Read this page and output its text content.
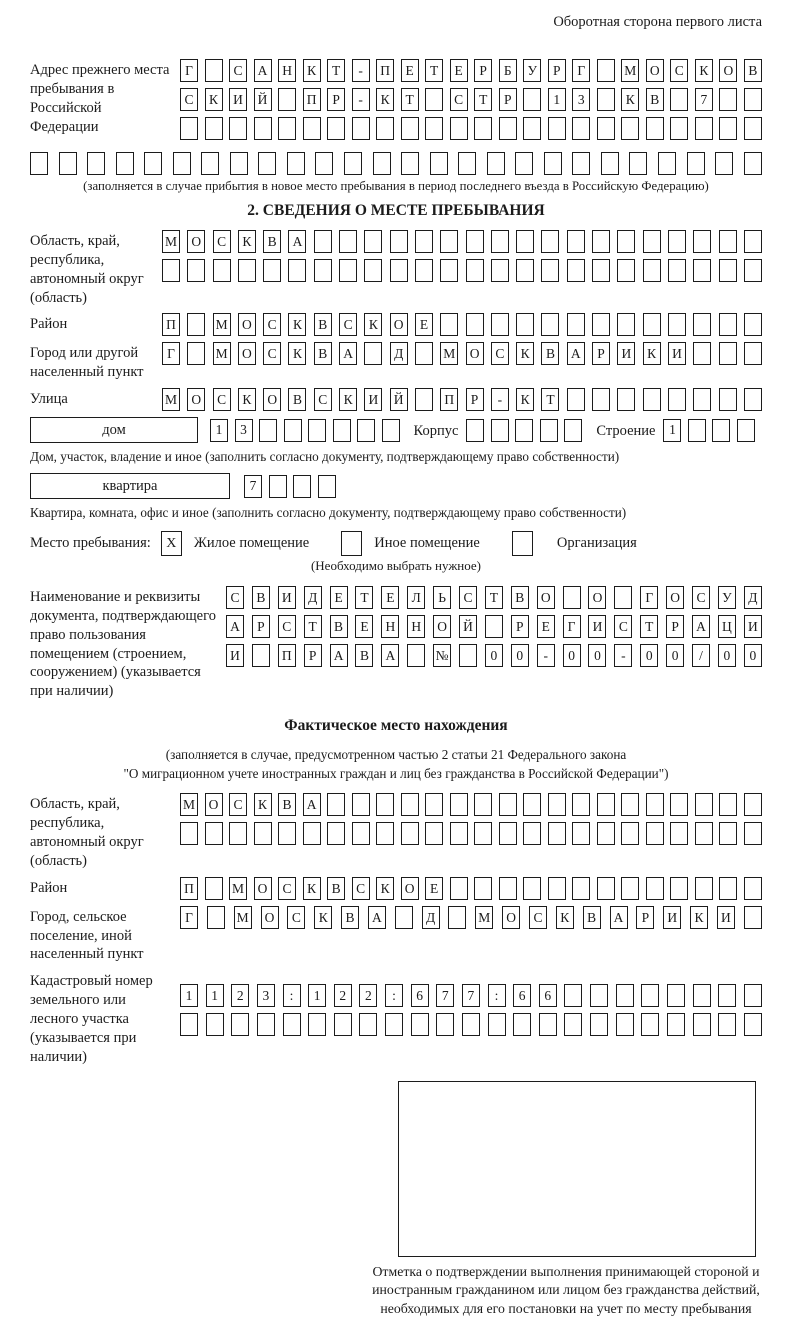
Оборотная сторона первого листа
Адрес прежнего места пребывания в Российской Федерации
Г	С	А	Н	К	Т	-	П	Е	Т	Е	Р	Б	У	Р	Г	М	О	С	К	О	В
С	К	И	Й	П	Р	-	К	Т	С	Т	Р	1	3	К	В	7
(заполняется в случае прибытия в новое место пребывания в период последнего въезда в Российскую Федерацию)
2. СВЕДЕНИЯ О МЕСТЕ ПРЕБЫВАНИЯ
Область, край, республика, автономный округ (область)
М	О	С	К	В	А
Район	П	М	О	С	К	В	С	К	О	Е
Город или другой населенный пункт
Г	М	О	С	К	В	А	Д	М	О	С	К	В	А	Р	И	К	И
Улица	М	О	С	К	О	В	С	К	И	Й	П	Р	-	К	Т
дом	1	3	Корпус	Строение	1
Дом, участок, владение и иное (заполнить согласно документу, подтверждающему право собственности)
квартира	7
Квартира, комната, офис и иное (заполнить согласно документу, подтверждающему право собственности)
Место пребывания:	X	Жилое помещение	Иное помещение	Организация
(Необходимо выбрать нужное)
Наименование и реквизиты документа, подтверждающего право пользования помещением (строением, сооружением) (указывается при наличии)
С	В	И	Д	Е	Т	Е	Л	Ь	С	Т	В	О	О	Г	О	С	У	Д
А	Р	С	Т	В	Е	Н	Н	О	Й	Р	Е	Г	И	С	Т	Р	А	Ц	И
И	П	Р	А	В	А	№	0	0	-	0	0	-	0	0	/	0	0
Фактическое место нахождения
(заполняется в случае, предусмотренном частью 2 статьи 21 Федерального закона
"О миграционном учете иностранных граждан и лиц без гражданства в Российской Федерации")
Область, край, республика, автономный округ (область)
М	О	С	К	В	А
Район	П	М	О	С	К	В	С	К	О	Е
Город, сельское поселение, иной населенный пункт
Г	М	О	С	К	В	А	Д	М	О	С	К	В	А	Р	И	К	И
Кадастровый номер земельного или лесного участка (указывается при наличии)
1	1	2	3	:	1	2	2	:	6	7	7	:	6	6
Отметка о подтверждении выполнения принимающей стороной и иностранным гражданином или лицом без гражданства действий, необходимых для его постановки на учет по месту пребывания
